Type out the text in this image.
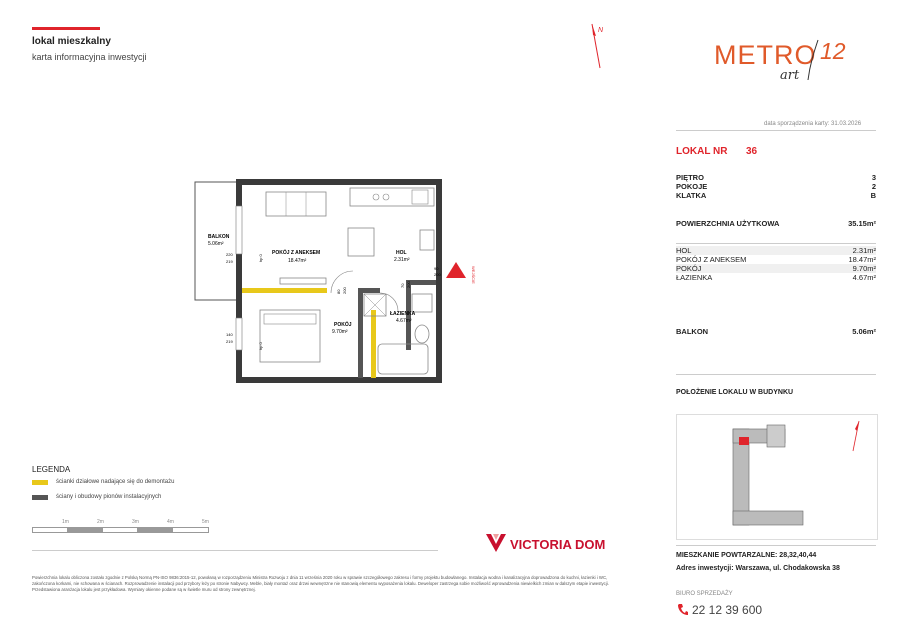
lokal mieszkalny
karta informacyjna inwestycji
N
METRO 12
art
data sporządzenia karty: 31.03.2026
LOKAL NR 36
PIĘTRO	3
POKOJE	2
KLATKA	B
POWIERZCHNIA UŻYTKOWA	35.15m²
HOL	2.31m²
POKÓJ Z ANEKSEM	18.47m²
POKÓJ	9.70m²
ŁAZIENKA	4.67m²
BALKON	5.06m²
POŁOŻENIE LOKALU W BUDYNKU
MIESZKANIE POWTARZALNE: 28,32,40,44
Adres inwestycji: Warszawa, ul. Chodakowska 38
BIURO SPRZEDAŻY
22 12 39 600
WEJŚCIE
BALKON
5.06m²
POKÓJ Z ANEKSEM
18.47m²
HOL
2.31m²
ŁAZIENKA
4.67m²
POKÓJ
9.70m²
220
219
140
219
90
200
80 200
70 200
hp 0
hp 0
LEGENDA
ścianki działowe nadające się do demontażu
ściany i obudowy pionów instalacyjnych
1m	2m	3m	4m	5m
VICTORIA DOM
Powierzchnia lokalu obliczona zostało zgodnie z Polską Normą PN-ISO 9836:2015-12, powołaną w rozporządzeniu Ministra Rozwoju z dnia 11 września 2020 roku w sprawie szczegółowego zakresu i formy projektu budowlanego. Instalacja wodna i kanalizacyjna doprowadzona do kuchni, łazienki i WC, zakończona korkami, nie schowana w ścianach. Rozprowadzenie instalacji pod przybory leży po stronie Nabywcy. Meble, biały montaż oraz drzwi wewnętrzne nie stanowią elementu wyposażenia lokalu. Deweloper zastrzega sobie możliwość wprowadzenia niewielkich zmian w dalszym etapie inwestycji. Przedstawiona aranżacja lokalu jest przykładowa. Wymiary okienne podane są w świetle muru od strony zewnętrznej.
